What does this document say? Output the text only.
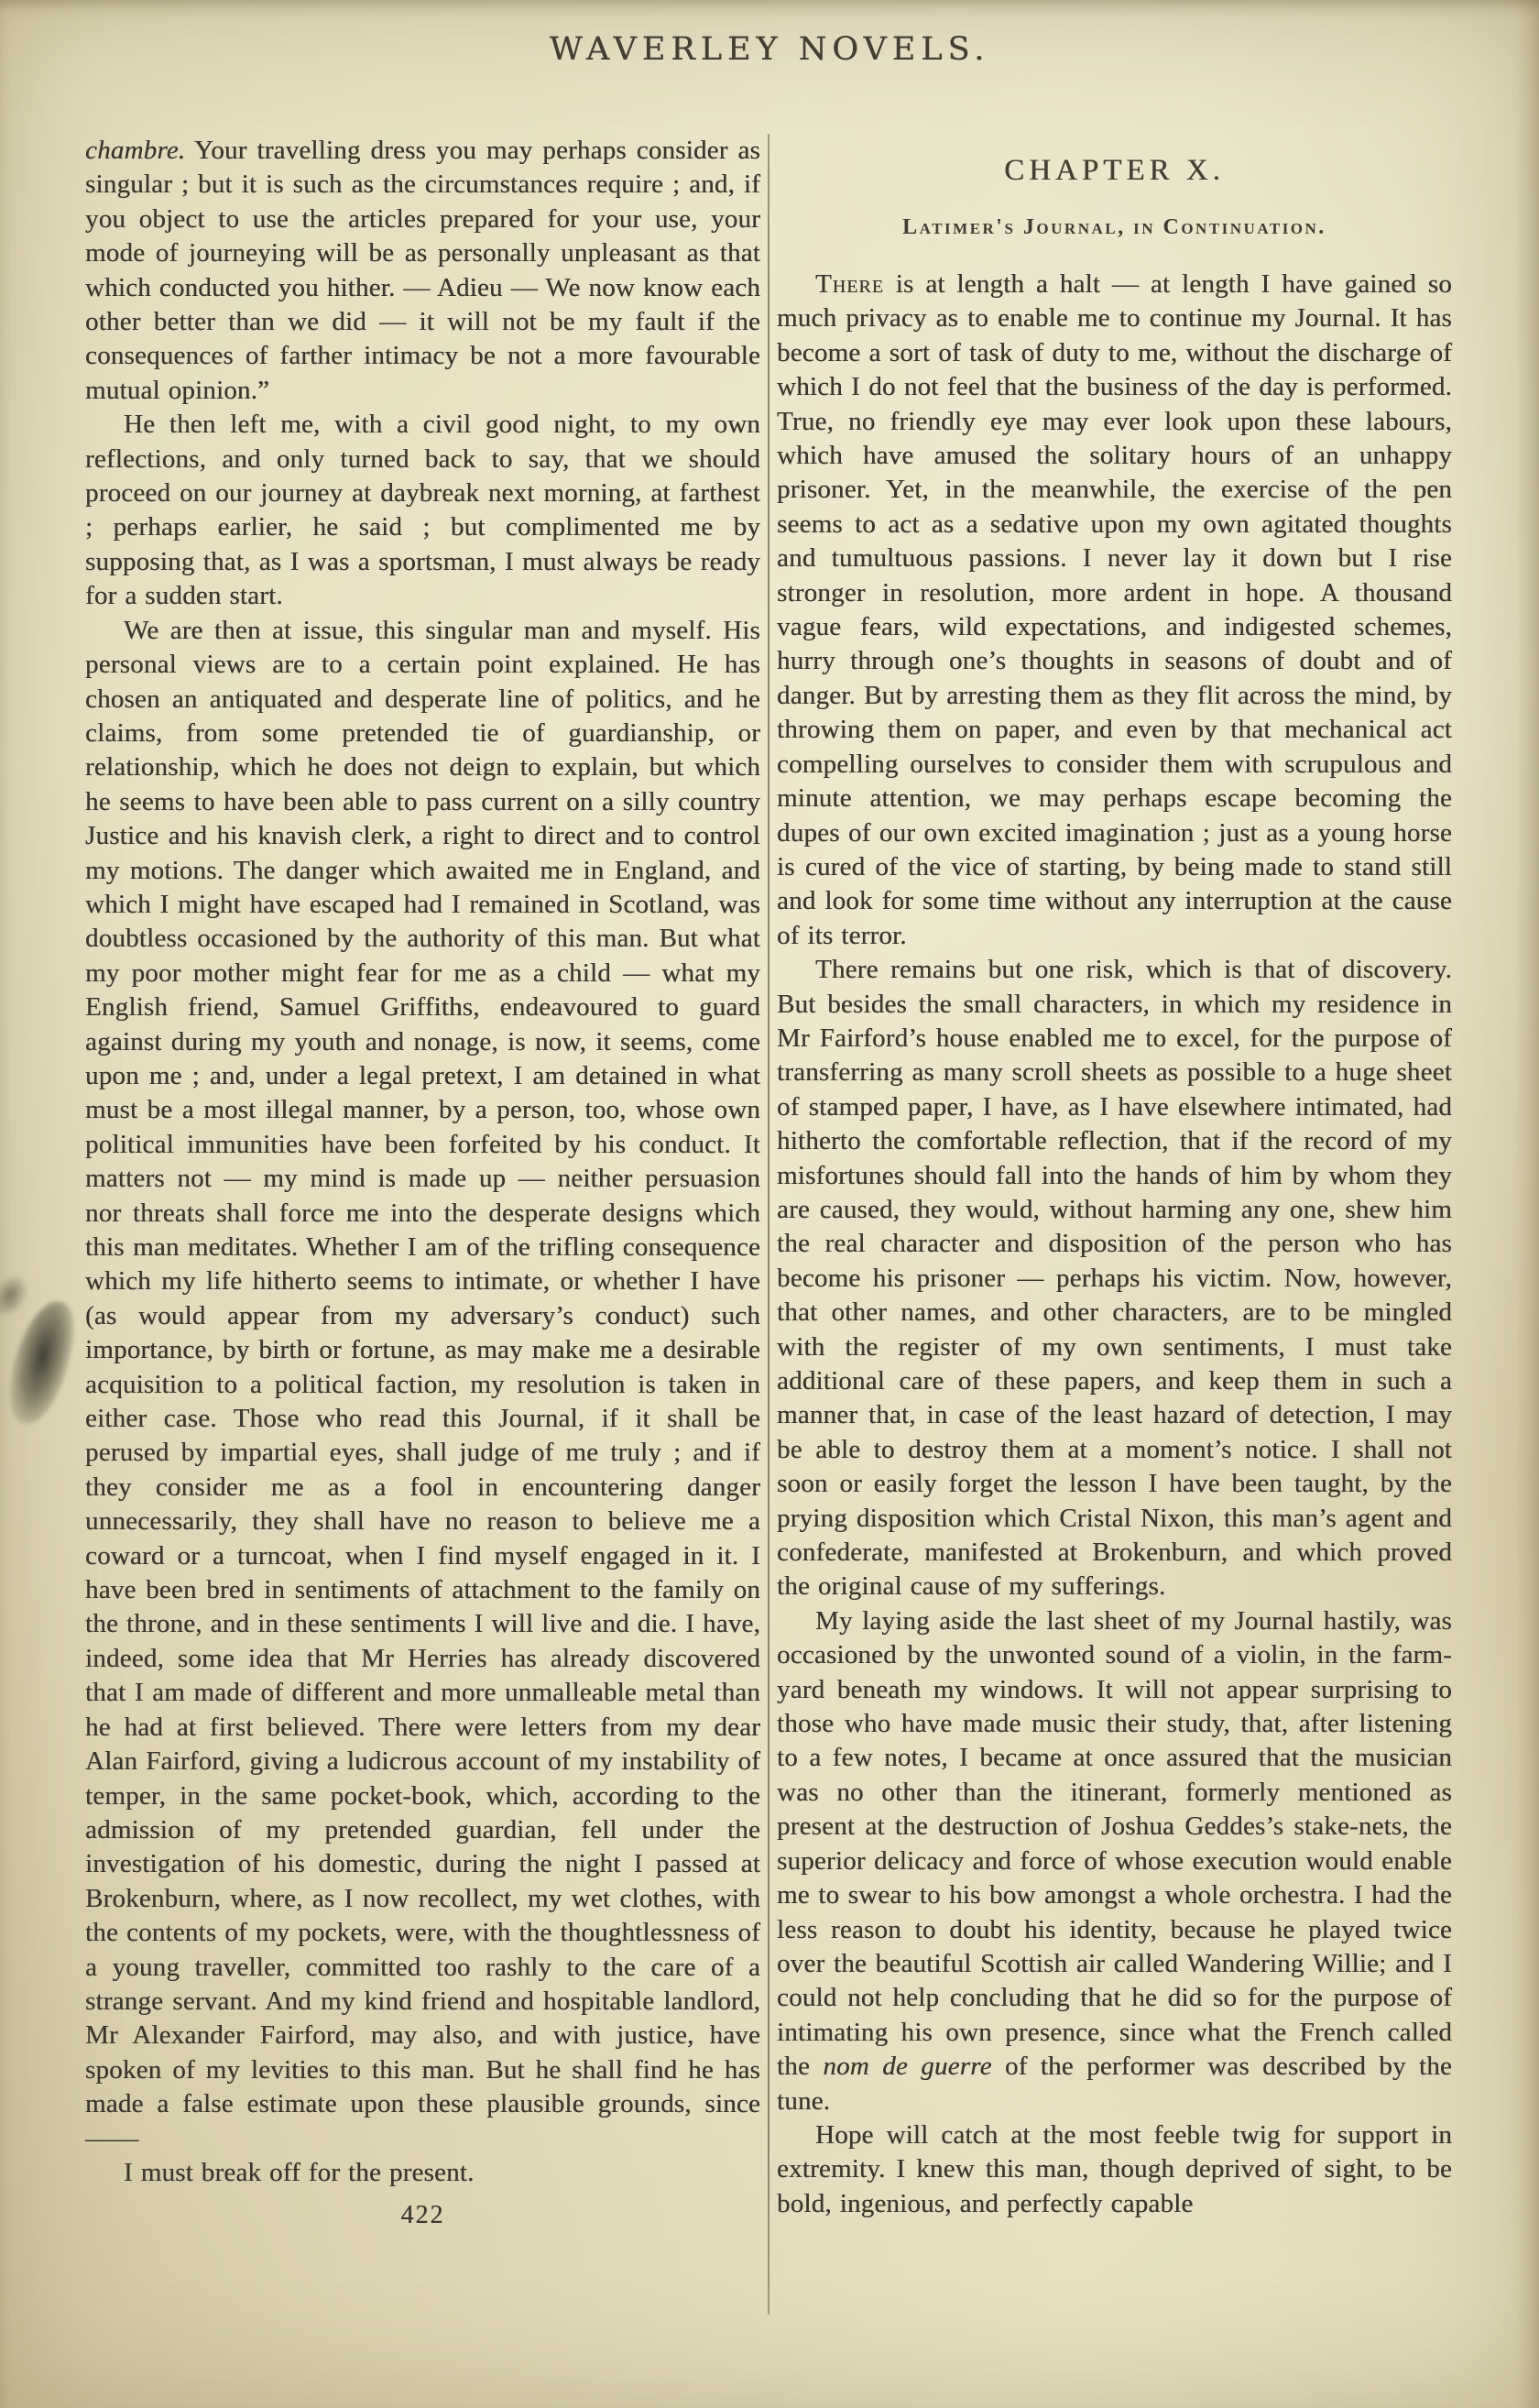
WAVERLEY NOVELS.

chambre. Your travelling dress you may perhaps consider as singular ; but it is such as the circumstances require ; and, if you object to use the articles prepared for your use, your mode of journeying will be as personally unpleasant as that which conducted you hither. — Adieu — We now know each other better than we did — it will not be my fault if the consequences of farther intimacy be not a more favourable mutual opinion.”

He then left me, with a civil good night, to my own reflections, and only turned back to say, that we should proceed on our journey at daybreak next morning, at farthest ; perhaps earlier, he said ; but complimented me by supposing that, as I was a sportsman, I must always be ready for a sudden start.

We are then at issue, this singular man and myself. His personal views are to a certain point explained. He has chosen an antiquated and desperate line of politics, and he claims, from some pretended tie of guardianship, or relationship, which he does not deign to explain, but which he seems to have been able to pass current on a silly country Justice and his knavish clerk, a right to direct and to control my motions. The danger which awaited me in England, and which I might have escaped had I remained in Scotland, was doubtless occasioned by the authority of this man. But what my poor mother might fear for me as a child — what my English friend, Samuel Griffiths, endeavoured to guard against during my youth and nonage, is now, it seems, come upon me ; and, under a legal pretext, I am detained in what must be a most illegal manner, by a person, too, whose own political immunities have been forfeited by his conduct. It matters not — my mind is made up — neither persuasion nor threats shall force me into the desperate designs which this man meditates. Whether I am of the trifling consequence which my life hitherto seems to intimate, or whether I have (as would appear from my adversary’s conduct) such importance, by birth or fortune, as may make me a desirable acquisition to a political faction, my resolution is taken in either case. Those who read this Journal, if it shall be perused by impartial eyes, shall judge of me truly ; and if they consider me as a fool in encountering danger unnecessarily, they shall have no reason to believe me a coward or a turncoat, when I find myself engaged in it. I have been bred in sentiments of attachment to the family on the throne, and in these sentiments I will live and die. I have, indeed, some idea that Mr Herries has already discovered that I am made of different and more unmalleable metal than he had at first believed. There were letters from my dear Alan Fairford, giving a ludicrous account of my instability of temper, in the same pocket-book, which, according to the admission of my pretended guardian, fell under the investigation of his domestic, during the night I passed at Brokenburn, where, as I now recollect, my wet clothes, with the contents of my pockets, were, with the thoughtlessness of a young traveller, committed too rashly to the care of a strange servant. And my kind friend and hospitable landlord, Mr Alexander Fairford, may also, and with justice, have spoken of my levities to this man. But he shall find he has made a false estimate upon these plausible grounds, since ——

I must break off for the present.

422
CHAPTER X.
Latimer's Journal, in Continuation.

There is at length a halt — at length I have gained so much privacy as to enable me to continue my Journal. It has become a sort of task of duty to me, without the discharge of which I do not feel that the business of the day is performed. True, no friendly eye may ever look upon these labours, which have amused the solitary hours of an unhappy prisoner. Yet, in the meanwhile, the exercise of the pen seems to act as a sedative upon my own agitated thoughts and tumultuous passions. I never lay it down but I rise stronger in resolution, more ardent in hope. A thousand vague fears, wild expectations, and indigested schemes, hurry through one’s thoughts in seasons of doubt and of danger. But by arresting them as they flit across the mind, by throwing them on paper, and even by that mechanical act compelling ourselves to consider them with scrupulous and minute attention, we may perhaps escape becoming the dupes of our own excited imagination ; just as a young horse is cured of the vice of starting, by being made to stand still and look for some time without any interruption at the cause of its terror.

There remains but one risk, which is that of discovery. But besides the small characters, in which my residence in Mr Fairford’s house enabled me to excel, for the purpose of transferring as many scroll sheets as possible to a huge sheet of stamped paper, I have, as I have elsewhere intimated, had hitherto the comfortable reflection, that if the record of my misfortunes should fall into the hands of him by whom they are caused, they would, without harming any one, shew him the real character and disposition of the person who has become his prisoner — perhaps his victim. Now, however, that other names, and other characters, are to be mingled with the register of my own sentiments, I must take additional care of these papers, and keep them in such a manner that, in case of the least hazard of detection, I may be able to destroy them at a moment’s notice. I shall not soon or easily forget the lesson I have been taught, by the prying disposition which Cristal Nixon, this man’s agent and confederate, manifested at Brokenburn, and which proved the original cause of my sufferings.

My laying aside the last sheet of my Journal hastily, was occasioned by the unwonted sound of a violin, in the farm-yard beneath my windows. It will not appear surprising to those who have made music their study, that, after listening to a few notes, I became at once assured that the musician was no other than the itinerant, formerly mentioned as present at the destruction of Joshua Geddes’s stake-nets, the superior delicacy and force of whose execution would enable me to swear to his bow amongst a whole orchestra. I had the less reason to doubt his identity, because he played twice over the beautiful Scottish air called Wandering Willie; and I could not help concluding that he did so for the purpose of intimating his own presence, since what the French called the nom de guerre of the performer was described by the tune.

Hope will catch at the most feeble twig for support in extremity. I knew this man, though deprived of sight, to be bold, ingenious, and perfectly capable
